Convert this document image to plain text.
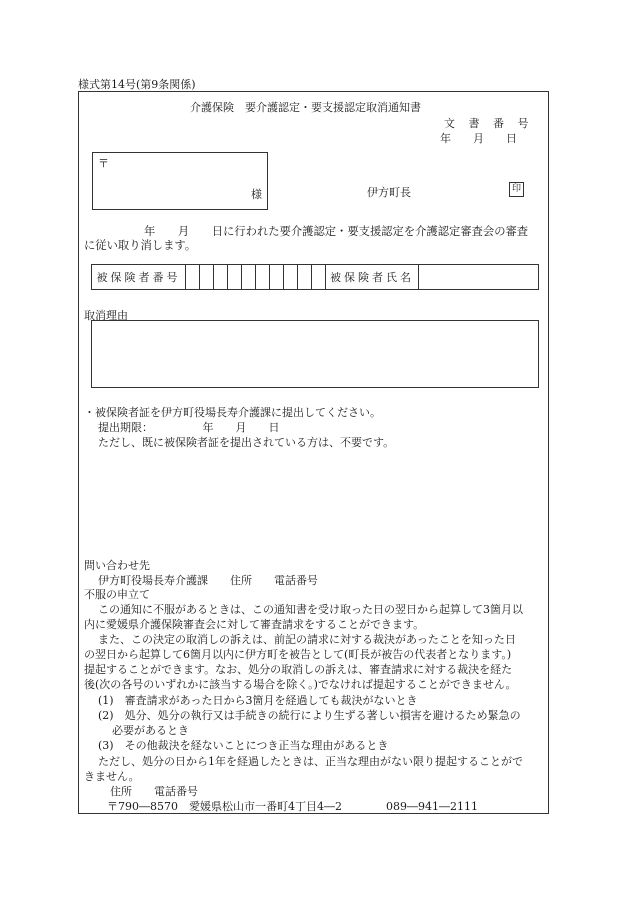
様式第14号(第9条関係)
介護保険　要介護認定・要支援認定取消通知書
文 書 番 号
年　　月　　日
〒
様	伊方町長	印
年　　月　　日に行われた要介護認定・要支援認定を介護認定審査会の審査
に従い取り消します。
被保険者番号	被保険者氏名
取消理由
・被保険者証を伊方町役場長寿介護課に提出してください。
提出期限：　　　　　年　　月　　日
ただし、既に被保険者証を提出されている方は、不要です。
問い合わせ先
伊方町役場長寿介護課　　住所　　電話番号
不服の申立て
この通知に不服があるときは、この通知書を受け取った日の翌日から起算して3箇月以
内に愛媛県介護保険審査会に対して審査請求をすることができます。
また、この決定の取消しの訴えは、前記の請求に対する裁決があったことを知った日
の翌日から起算して6箇月以内に伊方町を被告として(町長が被告の代表者となります。)
提起することができます。なお、処分の取消しの訴えは、審査請求に対する裁決を経た
後(次の各号のいずれかに該当する場合を除く。)でなければ提起することができません。
(1)　審査請求があった日から3箇月を経過しても裁決がないとき
(2)　処分、処分の執行又は手続きの続行により生ずる著しい損害を避けるため緊急の
必要があるとき
(3)　その他裁決を経ないことにつき正当な理由があるとき
ただし、処分の日から1年を経過したときは、正当な理由がない限り提起することがで
きません。
住所　　電話番号
〒790―8570　愛媛県松山市一番町4丁目4―2　　　　089―941―2111
